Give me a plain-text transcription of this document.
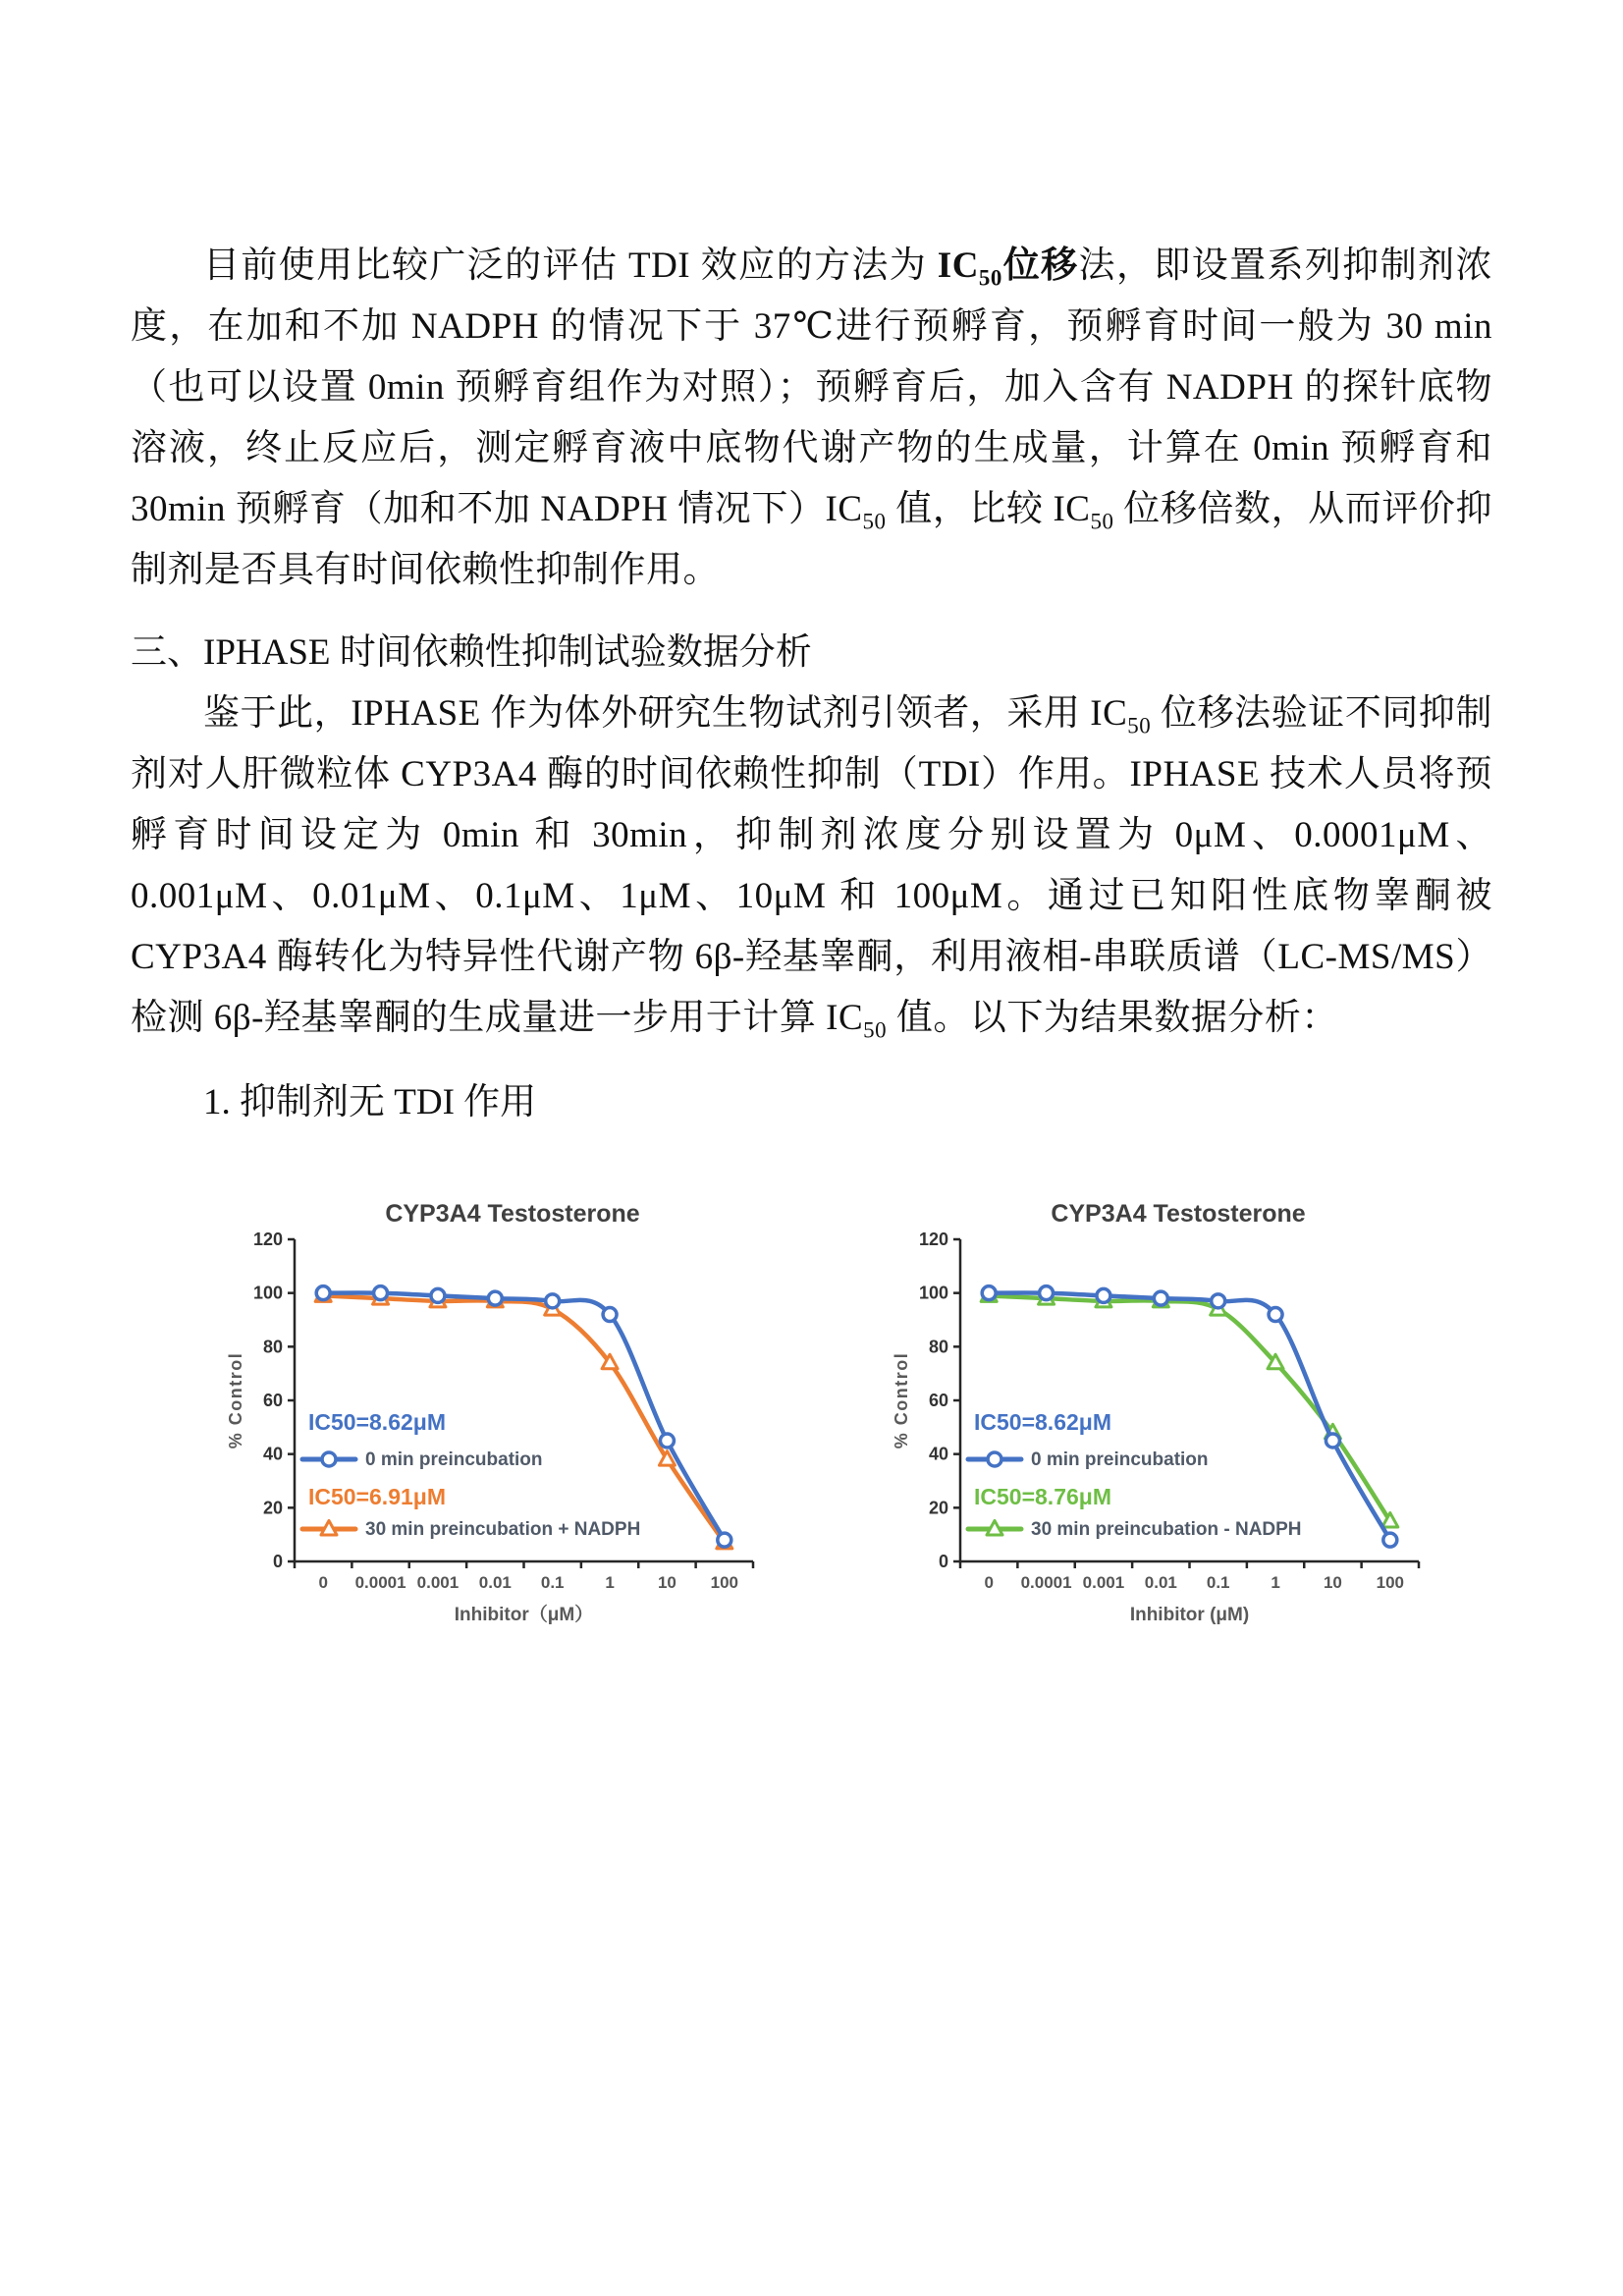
目前使用比较广泛的评估 TDI 效应的方法为 $IC_{50}$位移法，即设置系列抑制剂浓度，在加和不加 NADPH 的情况下于 37℃进行预孵育，预孵育时间一般为 30 min（也可以设置 0min 预孵育组作为对照）；预孵育后，加入含有 NADPH 的探针底物溶液，终止反应后，测定孵育液中底物代谢产物的生成量，计算在 0min 预孵育和 30min 预孵育（加和不加 NADPH 情况下）$IC_{50}$ 值，比较 $IC_{50}$ 位移倍数，从而评价抑制剂是否具有时间依赖性抑制作用。

三、IPHASE 时间依赖性抑制试验数据分析

鉴于此，IPHASE 作为体外研究生物试剂引领者，采用 $IC_{50}$ 位移法验证不同抑制剂对人肝微粒体 CYP3A4 酶的时间依赖性抑制（TDI）作用。IPHASE 技术人员将预孵育时间设定为 0min 和 30min，抑制剂浓度分别设置为 0μM、0.0001μM、0.001μM、0.01μM、0.1μM、1μM、10μM 和 100μM。通过已知阳性底物睾酮被 CYP3A4 酶转化为特异性代谢产物 6β-羟基睾酮，利用液相-串联质谱（LC-MS/MS）检测 6β-羟基睾酮的生成量进一步用于计算 $IC_{50}$ 值。以下为结果数据分析：

1. 抑制剂无 TDI 作用
CYP3A4 Testosterone
0
20
40
60
80
100
120
0 0.0001 0.001 0.01 0.1 1	10 100
Inhibitor（μM）
% Control	IC50=8.62μM
0 min preincubation
IC50=6.91μM
30 min preincubation + NADPH
CYP3A4 Testosterone
0
20
40
60
80
100
120
0 0.0001 0.001 0.01 0.1 1	10 100
Inhibitor (μM)
% Control	IC50=8.62μM
0 min preincubation
IC50=8.76μM
30 min preincubation - NADPH
